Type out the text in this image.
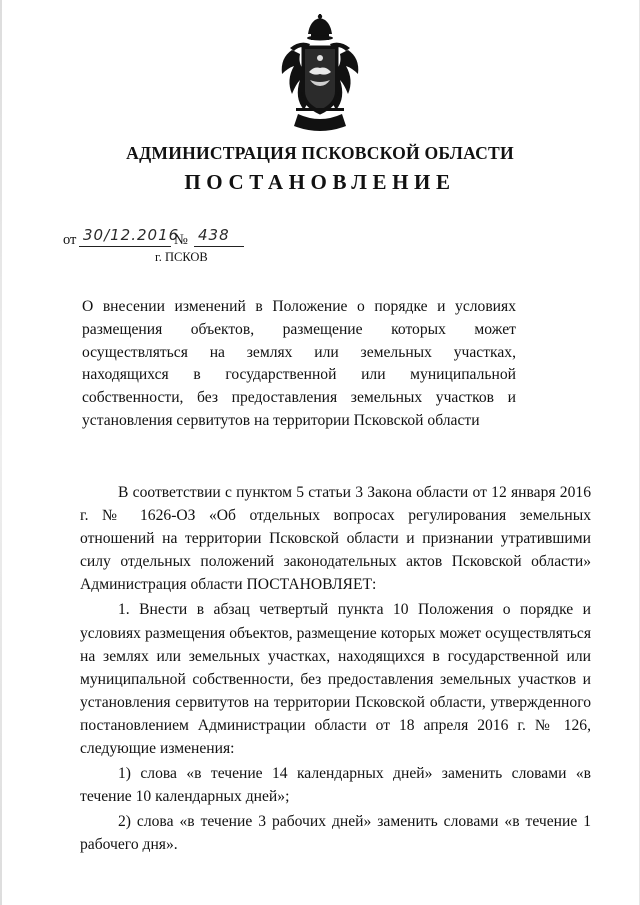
АДМИНИСТРАЦИЯ ПСКОВСКОЙ ОБЛАСТИ
ПОСТАНОВЛЕНИЕ
от 30/12.2016
№ 438
г. ПСКОВ
О внесении изменений в Положение о порядке и условиях размещения объектов, размещение которых может осуществляться на землях или земельных участках, находящихся в государственной или муниципальной собственности, без предоставления земельных участков и установления сервитутов на территории Псковской области

В соответствии с пунктом 5 статьи 3 Закона области от 12 января 2016 г. № 1626-ОЗ «Об отдельных вопросах регулирования земельных отношений на территории Псковской области и признании утратившими силу отдельных положений законодательных актов Псковской области» Администрация области ПОСТАНОВЛЯЕТ:

1. Внести в абзац четвертый пункта 10 Положения о порядке и условиях размещения объектов, размещение которых может осуществляться на землях или земельных участках, находящихся в государственной или муниципальной собственности, без предоставления земельных участков и установления сервитутов на территории Псковской области, утвержденного постановлением Администрации области от 18 апреля 2016 г. № 126, следующие изменения:

1) слова «в течение 14 календарных дней» заменить словами «в течение 10 календарных дней»;

2) слова «в течение 3 рабочих дней» заменить словами «в течение 1 рабочего дня».
